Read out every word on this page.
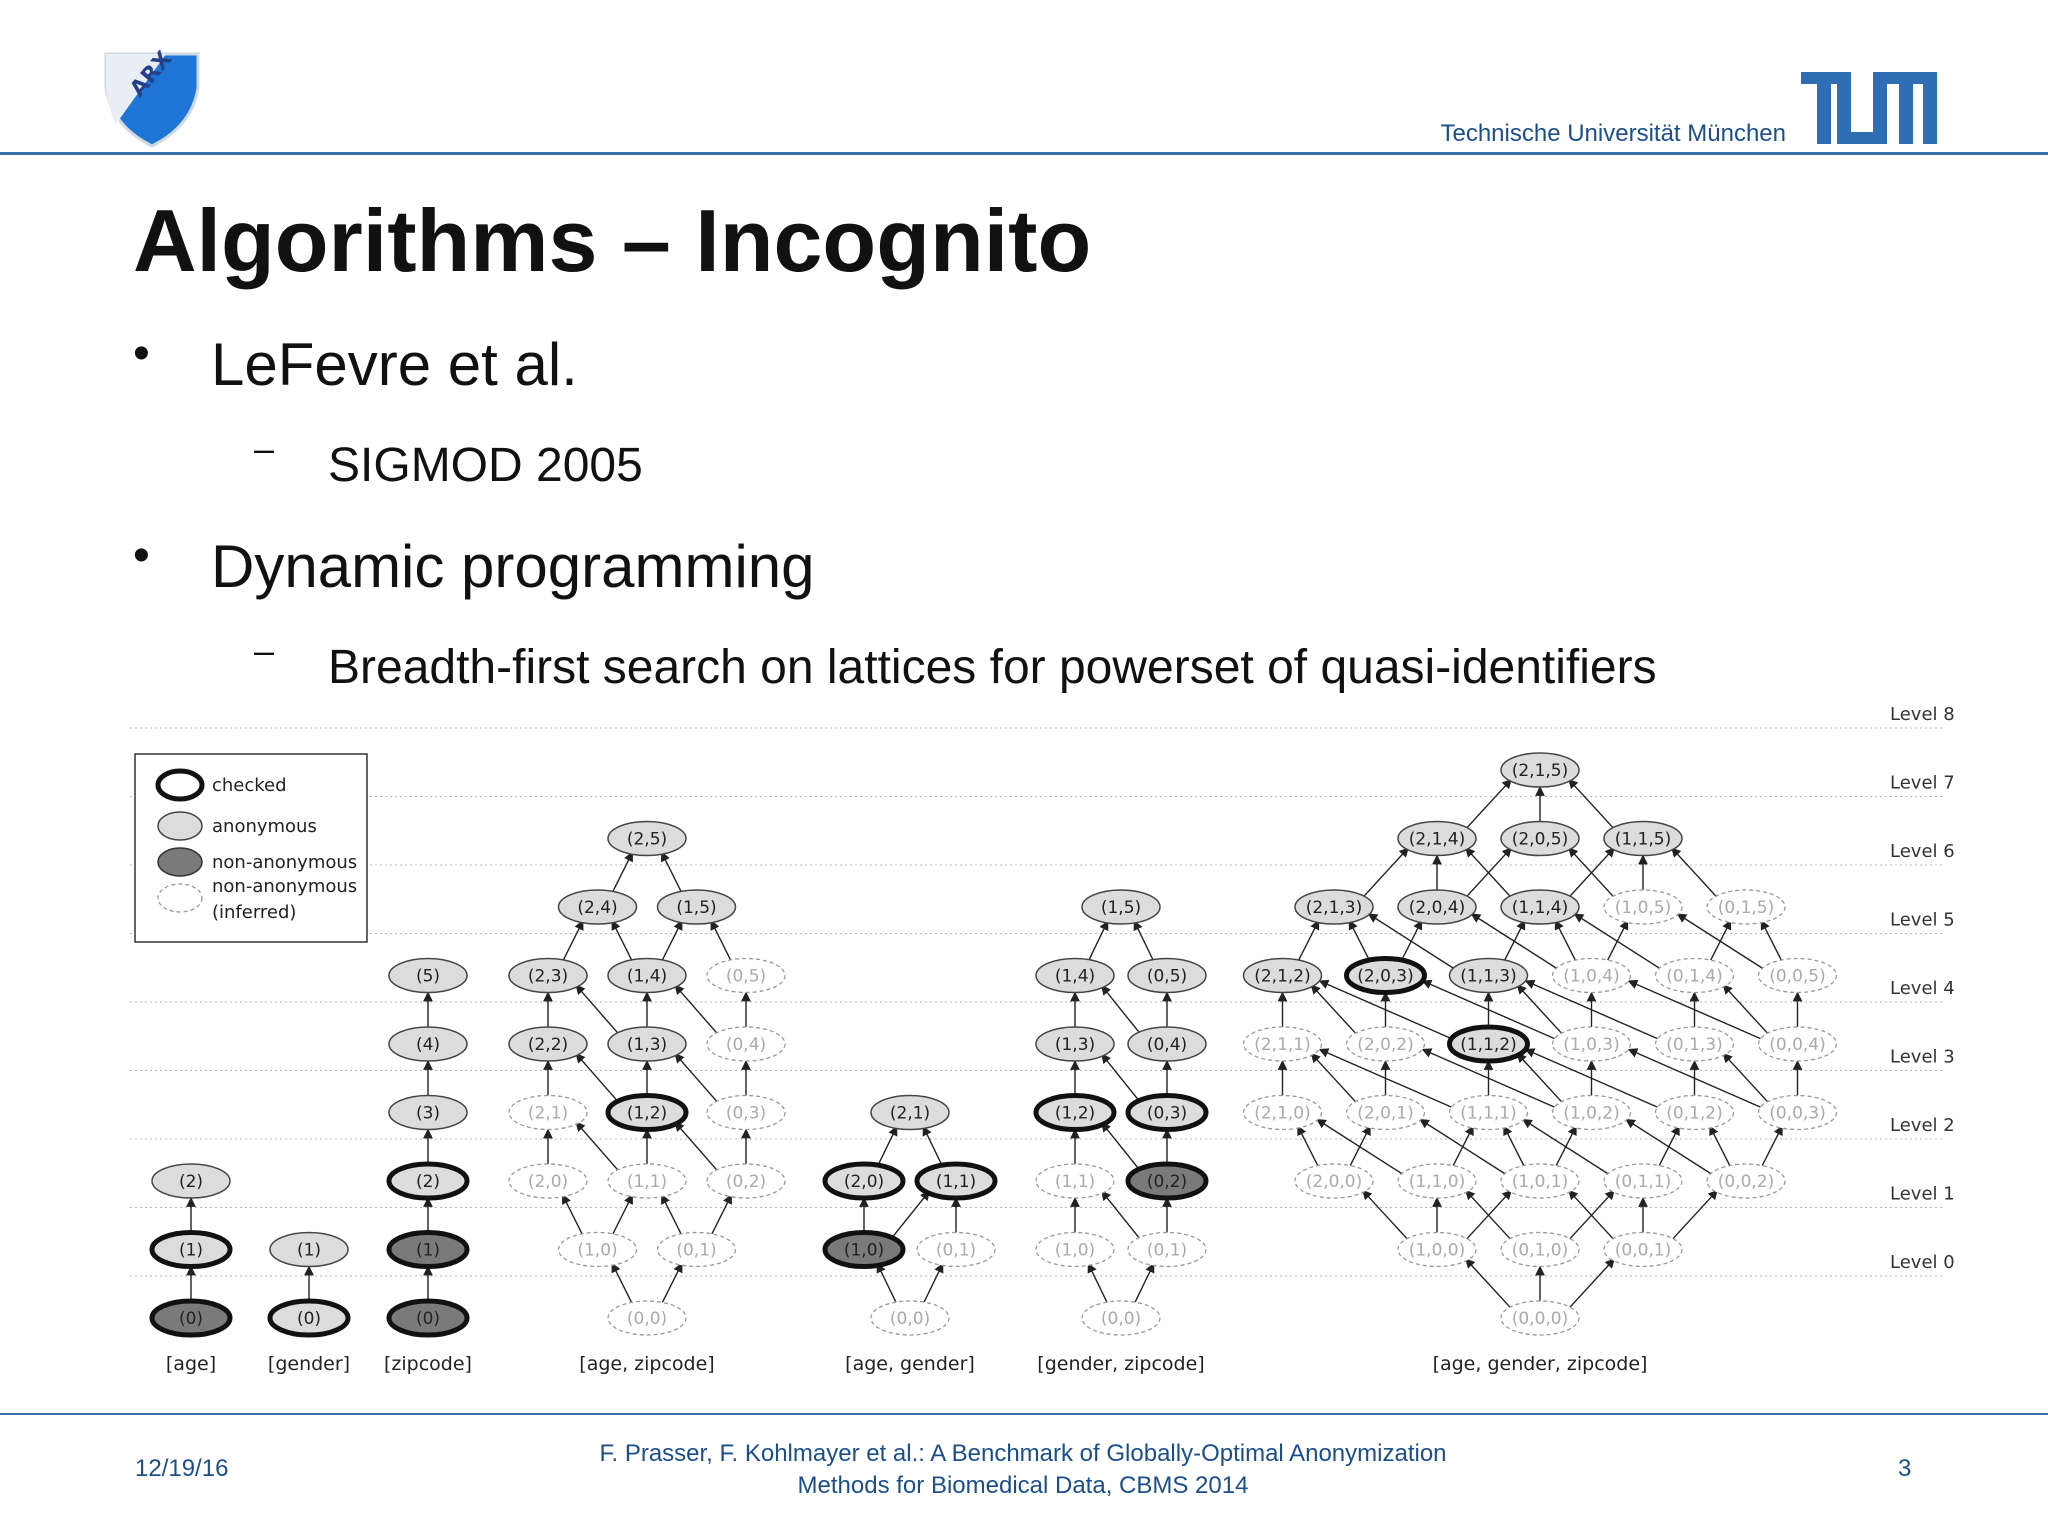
ARX
Technische Universität München
Algorithms – Incognito
• LeFevre et al.
– SIGMOD 2005
• Dynamic programming
– Breadth-first search on lattices for powerset of quasi-identifiers
Level 0
Level 1
Level 2
Level 3
Level 4
Level 5
Level 6
Level 7
Level 8
checked
anonymous
non-anonymous
non-anonymous
(inferred)
(0)
(1)
(2)
[age]
(0)
(1)
[gender]
(0)
(1)
(2)
(3)
(4)
(5)
[zipcode]
(0,0)
(1,0)	(0,1)
(2,0)	(1,1)	(0,2)
(2,1)	(1,2)	(0,3)
(2,2)	(1,3)	(0,4)
(2,3)	(1,4)	(0,5)
(2,4)	(1,5)
(2,5)
[age, zipcode]
(0,0)
(1,0)	(0,1)
(2,0)	(1,1)
(2,1)
[age, gender]
(0,0)
(1,0)	(0,1)
(1,1)	(0,2)
(1,2)	(0,3)
(1,3)	(0,4)
(1,4)	(0,5)
(1,5)
[gender, zipcode]
(0,0,0)
(1,0,0)	(0,1,0)	(0,0,1)
(2,0,0)	(1,1,0)	(1,0,1)	(0,1,1)	(0,0,2)
(2,1,0)	(2,0,1)	(1,1,1)	(1,0,2)	(0,1,2)	(0,0,3)
(2,1,1)	(2,0,2)	(1,1,2)	(1,0,3)	(0,1,3)	(0,0,4)
(2,1,2)	(2,0,3)	(1,1,3)	(1,0,4)	(0,1,4)	(0,0,5)
(2,1,3)	(2,0,4)	(1,1,4)	(1,0,5)	(0,1,5)
(2,1,4)	(2,0,5)	(1,1,5)
(2,1,5)
[age, gender, zipcode]
12/19/16
F. Prasser, F. Kohlmayer et al.: A Benchmark of Globally-Optimal Anonymization
Methods for Biomedical Data, CBMS 2014
3
